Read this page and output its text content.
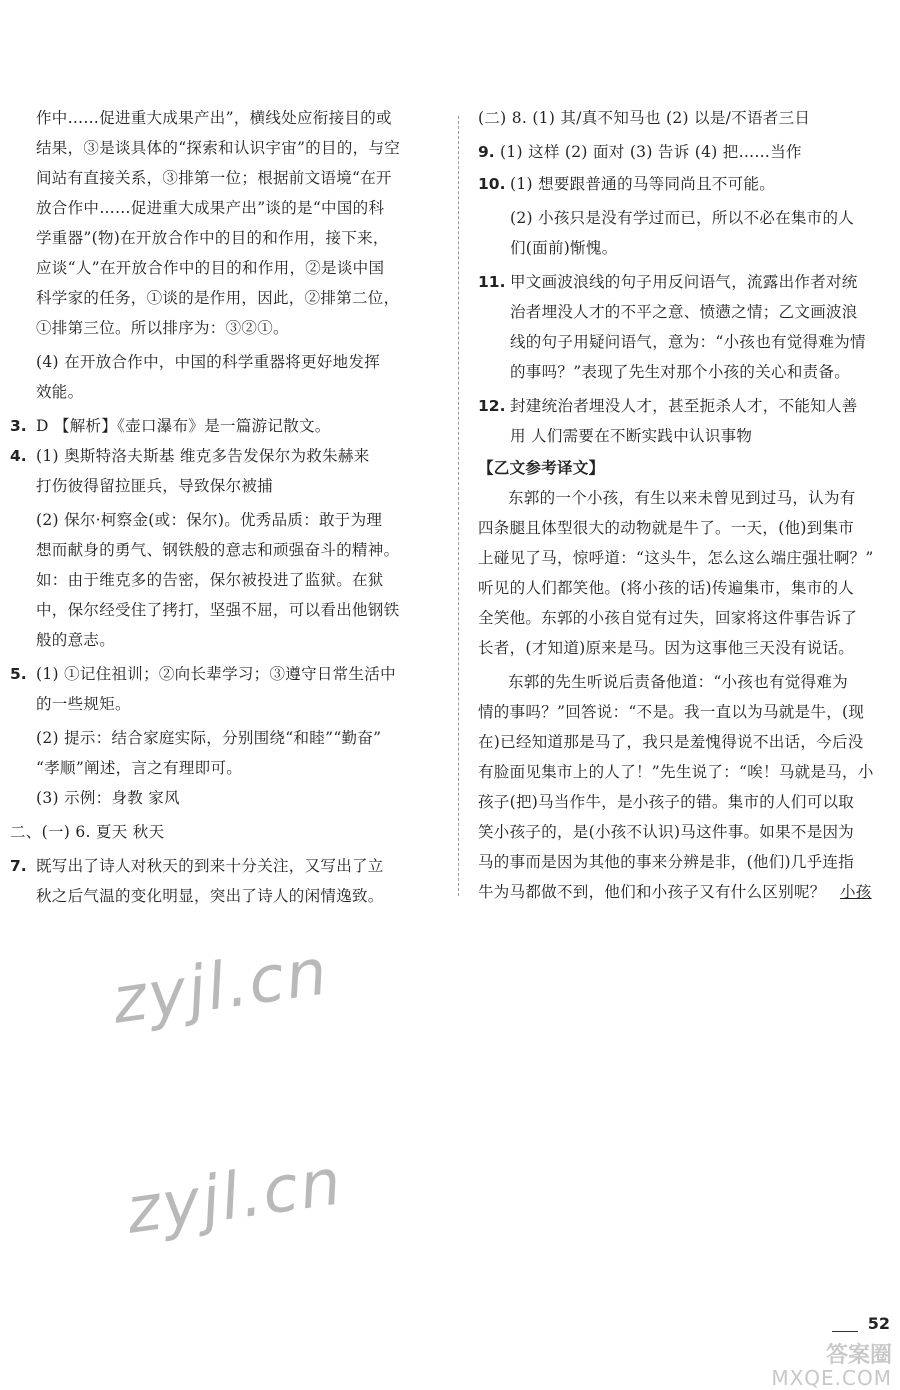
作中……促进重大成果产出”，横线处应衔接目的或
结果，③是谈具体的“探索和认识宇宙”的目的，与空
间站有直接关系，③排第一位；根据前文语境“在开
放合作中……促进重大成果产出”谈的是“中国的科
学重器”(物)在开放合作中的目的和作用，接下来，
应谈“人”在开放合作中的目的和作用，②是谈中国
科学家的任务，①谈的是作用，因此，②排第二位，
①排第三位。所以排序为：③②①。
(4) 在开放合作中，中国的科学重器将更好地发挥
效能。
3. D 【解析】《壶口瀑布》是一篇游记散文。
4. (1) 奥斯特洛夫斯基 维克多告发保尔为救朱赫来
打伤彼得留拉匪兵，导致保尔被捕
(2) 保尔·柯察金(或：保尔)。优秀品质：敢于为理
想而献身的勇气、钢铁般的意志和顽强奋斗的精神。
如：由于维克多的告密，保尔被投进了监狱。在狱
中，保尔经受住了拷打，坚强不屈，可以看出他钢铁
般的意志。
5. (1) ①记住祖训；②向长辈学习；③遵守日常生活中
的一些规矩。
(2) 提示：结合家庭实际，分别围绕“和睦”“勤奋”
“孝顺”阐述，言之有理即可。
(3) 示例：身教 家风
二、(一) 6. 夏天 秋天
7. 既写出了诗人对秋天的到来十分关注，又写出了立
秋之后气温的变化明显，突出了诗人的闲情逸致。
(二) 8. (1) 其/真不知马也 (2) 以是/不语者三日
9. (1) 这样 (2) 面对 (3) 告诉 (4) 把……当作
10. (1) 想要跟普通的马等同尚且不可能。
(2) 小孩只是没有学过而已，所以不必在集市的人
们(面前)惭愧。
11. 甲文画波浪线的句子用反问语气，流露出作者对统
治者埋没人才的不平之意、愤懑之情；乙文画波浪
线的句子用疑问语气，意为：“小孩也有觉得难为情
的事吗？”表现了先生对那个小孩的关心和责备。
12. 封建统治者埋没人才，甚至扼杀人才，不能知人善
用 人们需要在不断实践中认识事物
【乙文参考译文】
东郭的一个小孩，有生以来未曾见到过马，认为有
四条腿且体型很大的动物就是牛了。一天，(他)到集市
上碰见了马，惊呼道：“这头牛，怎么这么端庄强壮啊？”
听见的人们都笑他。(将小孩的话)传遍集市，集市的人
全笑他。东郭的小孩自觉有过失，回家将这件事告诉了
长者，(才知道)原来是马。因为这事他三天没有说话。
东郭的先生听说后责备他道：“小孩也有觉得难为
情的事吗？”回答说：“不是。我一直以为马就是牛，(现
在)已经知道那是马了，我只是羞愧得说不出话，今后没
有脸面见集市上的人了！”先生说了：“唉！马就是马，小
孩子(把)马当作牛，是小孩子的错。集市的人们可以取
笑小孩子的，是(小孩不认识)马这件事。如果不是因为
马的事而是因为其他的事来分辨是非，(他们)几乎连指
牛为马都做不到，他们和小孩子又有什么区别呢？ 小孩
zyjl.cn
zyjl.cn
52
答案圈
MXQE.COM
